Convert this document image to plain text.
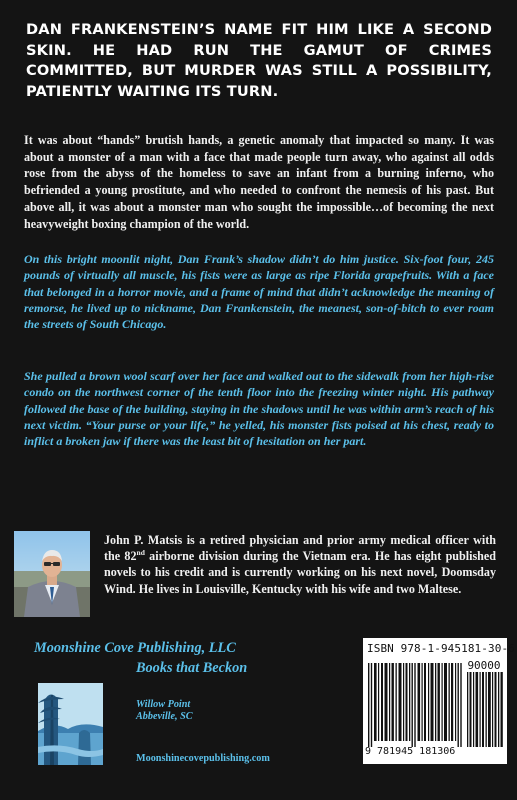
DAN FRANKENSTEIN’S NAME FIT HIM LIKE A SECOND SKIN. HE HAD RUN THE GAMUT OF CRIMES COMMITTED, BUT MURDER WAS STILL A POSSIBILITY, PATIENTLY WAITING ITS TURN.

It was about “hands” brutish hands, a genetic anomaly that impacted so many. It was about a monster of a man with a face that made people turn away, who against all odds rose from the abyss of the homeless to save an infant from a burning inferno, who befriended a young prostitute, and who needed to confront the nemesis of his past. But above all, it was about a monster man who sought the impossible…of becoming the next heavyweight boxing champion of the world.

On this bright moonlit night, Dan Frank’s shadow didn’t do him justice. Six-foot four, 245 pounds of virtually all muscle, his fists were as large as ripe Florida grapefruits. With a face that belonged in a horror movie, and a frame of mind that didn’t acknowledge the meaning of remorse, he lived up to nickname, Dan Frankenstein, the meanest, son-of-bitch to ever roam the streets of South Chicago.

She pulled a brown wool scarf over her face and walked out to the sidewalk from her high-rise condo on the northwest corner of the tenth floor into the freezing winter night. His pathway followed the base of the building, staying in the shadows until he was within arm’s reach of his next victim. “Your purse or your life,” he yelled, his monster fists poised at his chest, ready to inflict a broken jaw if there was the least bit of hesitation on her part.

John P. Matsis is a retired physician and prior army medical officer with the 82nd airborne division during the Vietnam era. He has eight published novels to his credit and is currently working on his next novel, Doomsday Wind. He lives in Louisville, Kentucky with his wife and two Maltese.

Moonshine Cove Publishing, LLC
Books that Beckon
Willow Point
Abbeville, SC
Moonshinecovepublishing.com
ISBN 978-1-945181-30-6
90000
9 781945 181306
